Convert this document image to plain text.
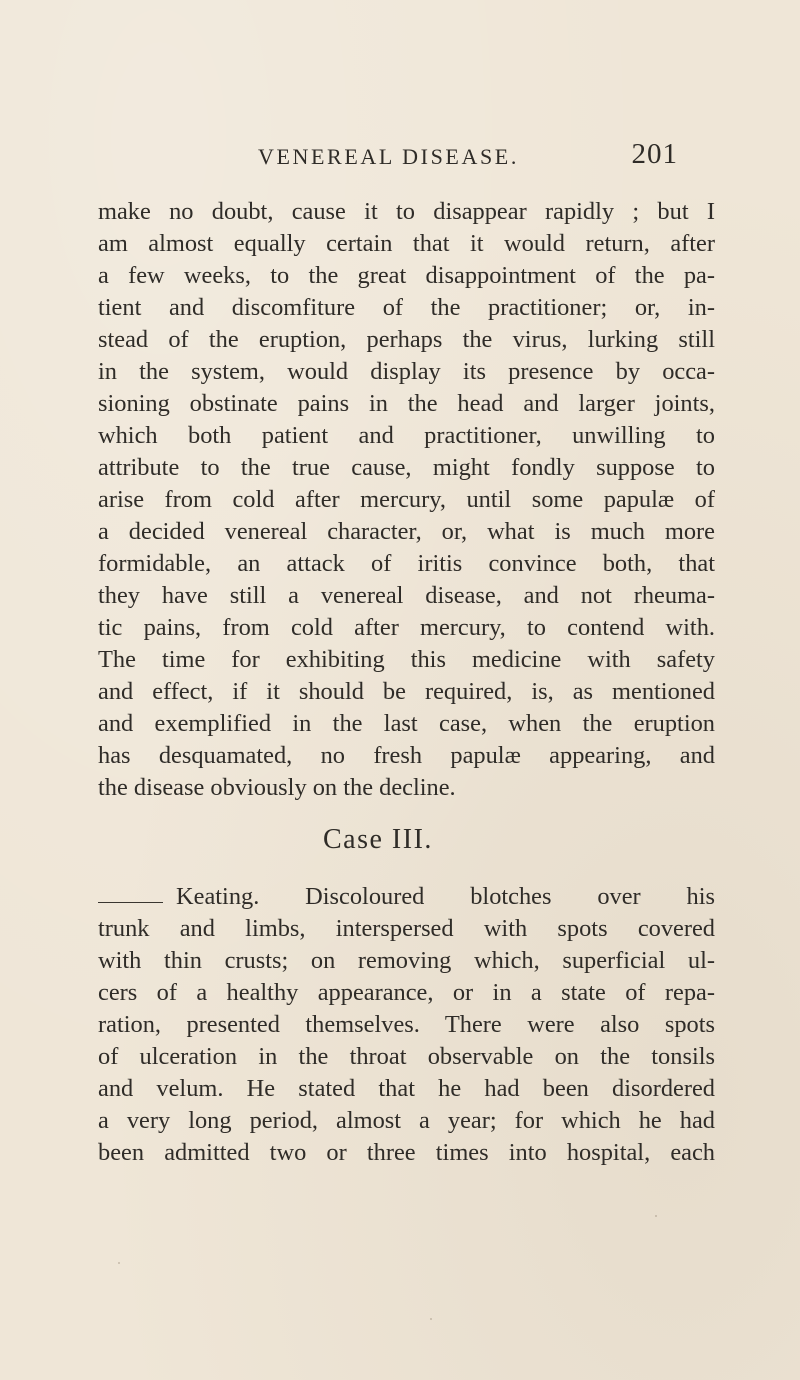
VENEREAL DISEASE.	201
make no doubt, cause it to disappear rapidly ; but I
am almost equally certain that it would return, after
a few weeks, to the great disappointment of the pa-
tient and discomfiture of the practitioner; or, in-
stead of the eruption, perhaps the virus, lurking still
in the system, would display its presence by occa-
sioning obstinate pains in the head and larger joints,
which both patient and practitioner, unwilling to
attribute to the true cause, might fondly suppose to
arise from cold after mercury, until some papulæ of
a decided venereal character, or, what is much more
formidable, an attack of iritis convince both, that
they have still a venereal disease, and not rheuma-
tic pains, from cold after mercury, to contend with.
The time for exhibiting this medicine with safety
and effect, if it should be required, is, as mentioned
and exemplified in the last case, when the eruption
has desquamated, no fresh papulæ appearing, and
the disease obviously on the decline.
Case III.
Keating. Discoloured blotches over his
trunk and limbs, interspersed with spots covered
with thin crusts; on removing which, superficial ul-
cers of a healthy appearance, or in a state of repa-
ration, presented themselves. There were also spots
of ulceration in the throat observable on the tonsils
and velum. He stated that he had been disordered
a very long period, almost a year; for which he had
been admitted two or three times into hospital, each
